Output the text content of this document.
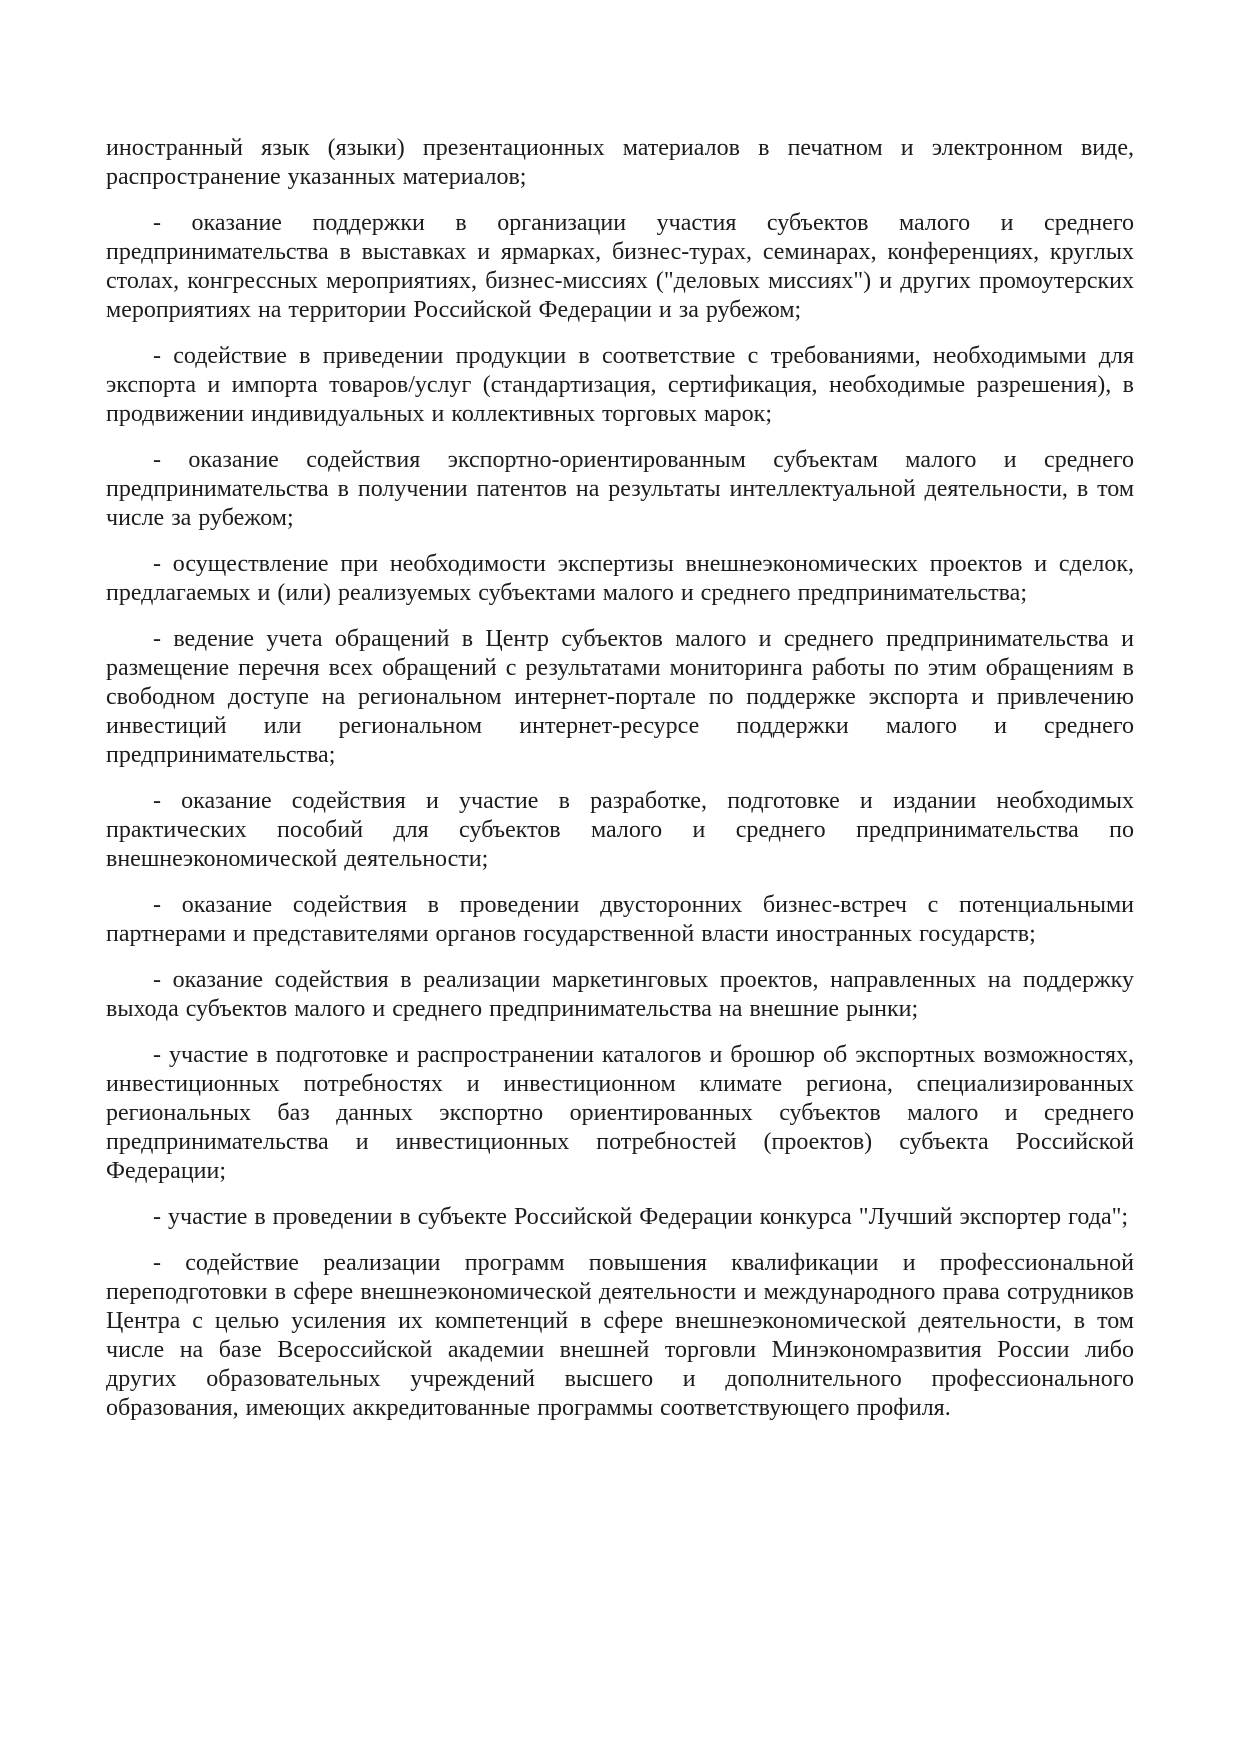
иностранный язык (языки) презентационных материалов в печатном и электронном виде, распространение указанных материалов;

- оказание поддержки в организации участия субъектов малого и среднего предпринимательства в выставках и ярмарках, бизнес-турах, семинарах, конференциях, круглых столах, конгрессных мероприятиях, бизнес-миссиях ("деловых миссиях") и других промоутерских мероприятиях на территории Российской Федерации и за рубежом;

- содействие в приведении продукции в соответствие с требованиями, необходимыми для экспорта и импорта товаров/услуг (стандартизация, сертификация, необходимые разрешения), в продвижении индивидуальных и коллективных торговых марок;

- оказание содействия экспортно-ориентированным субъектам малого и среднего предпринимательства в получении патентов на результаты интеллектуальной деятельности, в том числе за рубежом;

- осуществление при необходимости экспертизы внешнеэкономических проектов и сделок, предлагаемых и (или) реализуемых субъектами малого и среднего предпринимательства;

- ведение учета обращений в Центр субъектов малого и среднего предпринимательства и размещение перечня всех обращений с результатами мониторинга работы по этим обращениям в свободном доступе на региональном интернет-портале по поддержке экспорта и привлечению инвестиций или региональном интернет-ресурсе поддержки малого и среднего предпринимательства;

- оказание содействия и участие в разработке, подготовке и издании необходимых практических пособий для субъектов малого и среднего предпринимательства по внешнеэкономической деятельности;

- оказание содействия в проведении двусторонних бизнес-встреч с потенциальными партнерами и представителями органов государственной власти иностранных государств;

- оказание содействия в реализации маркетинговых проектов, направленных на поддержку выхода субъектов малого и среднего предпринимательства на внешние рынки;

- участие в подготовке и распространении каталогов и брошюр об экспортных возможностях, инвестиционных потребностях и инвестиционном климате региона, специализированных региональных баз данных экспортно ориентированных субъектов малого и среднего предпринимательства и инвестиционных потребностей (проектов) субъекта Российской Федерации;

- участие в проведении в субъекте Российской Федерации конкурса "Лучший экспортер года";

- содействие реализации программ повышения квалификации и профессиональной переподготовки в сфере внешнеэкономической деятельности и международного права сотрудников Центра с целью усиления их компетенций в сфере внешнеэкономической деятельности, в том числе на базе Всероссийской академии внешней торговли Минэкономразвития России либо других образовательных учреждений высшего и дополнительного профессионального образования, имеющих аккредитованные программы соответствующего профиля.
